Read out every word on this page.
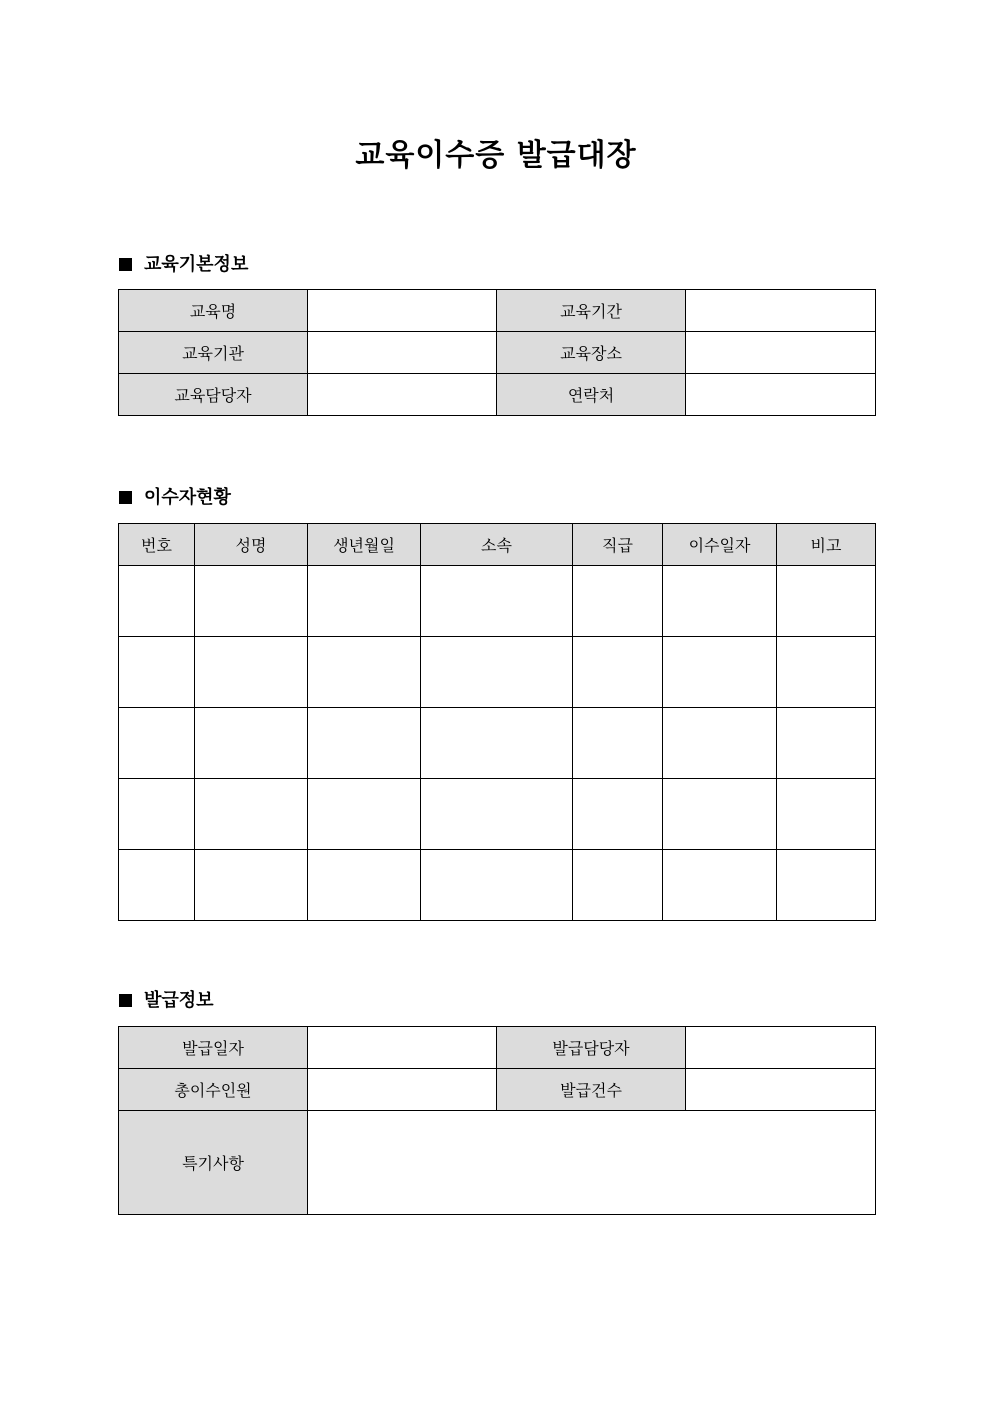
교육이수증 발급대장
교육기본정보
교육명		교육기간	
교육기관		교육장소	
교육담당자		연락처	
이수자현황
번호	성명	생년월일	소속	직급	이수일자	비고

발급정보
발급일자		발급담당자	
총이수인원		발급건수	
특기사항			
